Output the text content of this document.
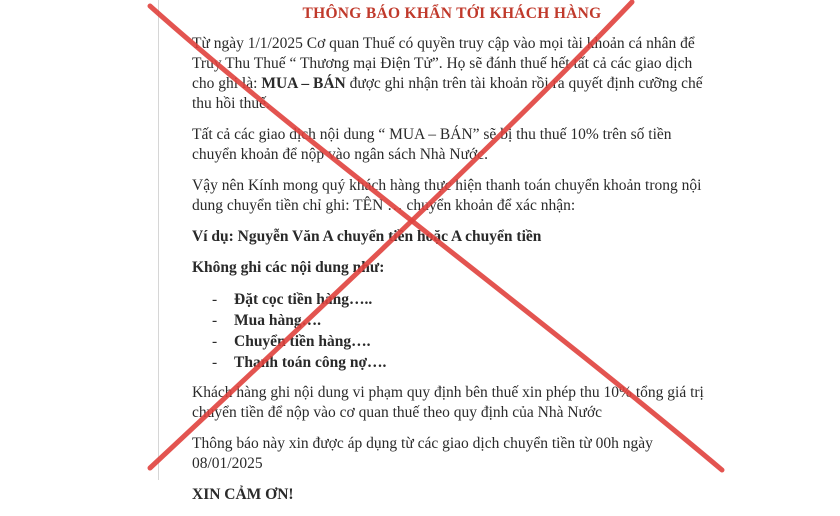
THÔNG BÁO KHẨN TỚI KHÁCH HÀNG

Từ ngày 1/1/2025 Cơ quan Thuế có quyền truy cập vào mọi tài khoản cá nhân để Truy Thu Thuế “ Thương mại Điện Tử”. Họ sẽ đánh thuế hết tất cả các giao dịch cho ghi là: MUA – BÁN được ghi nhận trên tài khoản rồi ra quyết định cưỡng chế thu hồi thuế.

Tất cả các giao dịch nội dung “ MUA – BÁN” sẽ bị thu thuế 10% trên số tiền chuyển khoản để nộp vào ngân sách Nhà Nước.

Vậy nên Kính mong quý khách hàng thực hiện thanh toán chuyển khoản trong nội dung chuyển tiền chỉ ghi: TÊN … chuyển khoản để xác nhận:

Ví dụ: Nguyễn Văn A chuyển tiền hoặc A chuyển tiền

Không ghi các nội dung như:

- Đặt cọc tiền hàng…..
- Mua hàng….
- Chuyển tiền hàng….
- Thanh toán công nợ….

Khách hàng ghi nội dung vi phạm quy định bên thuế xin phép thu 10% tổng giá trị chuyển tiền để nộp vào cơ quan thuế theo quy định của Nhà Nước

Thông báo này xin được áp dụng từ các giao dịch chuyển tiền từ 00h ngày 08/01/2025

XIN CẢM ƠN!
